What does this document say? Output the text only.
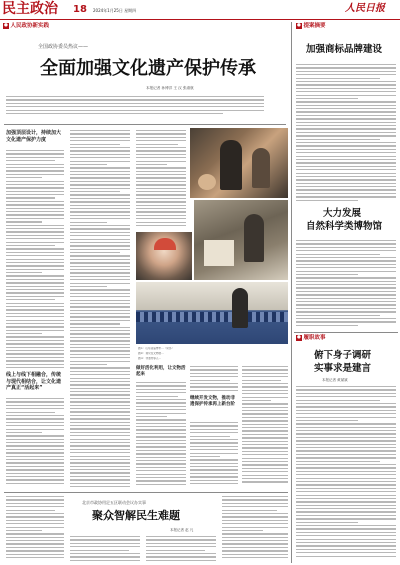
民主政治 18 2024年1月25日 星期四	人民日报
● 人民政协新实践
全国政协委员热议——
全面加强文化遗产保护传承
本报记者 孙博洋 王 汉 张淑航
加强顶层设计，持续加大文化遗产保护力度
线上与线下相融合，传统与现代相结合，让文化遗产真正“活起来”
图①：山东省淄博市…（局部）
图②：观众在文物展…
图③：非遗传承人…
做好活化利用，让文物活起来
继续开发文物，推动非遗保护传承再上新台阶
北京市政协用足五区联动会议办实事
聚众智解民生难题
本报记者 赵 凡
● 提案摘要
加强商标品牌建设
大力发展
自然科学类博物馆
● 履职故事
俯下身子调研
实事求是建言
本报记者 黄斌斌
